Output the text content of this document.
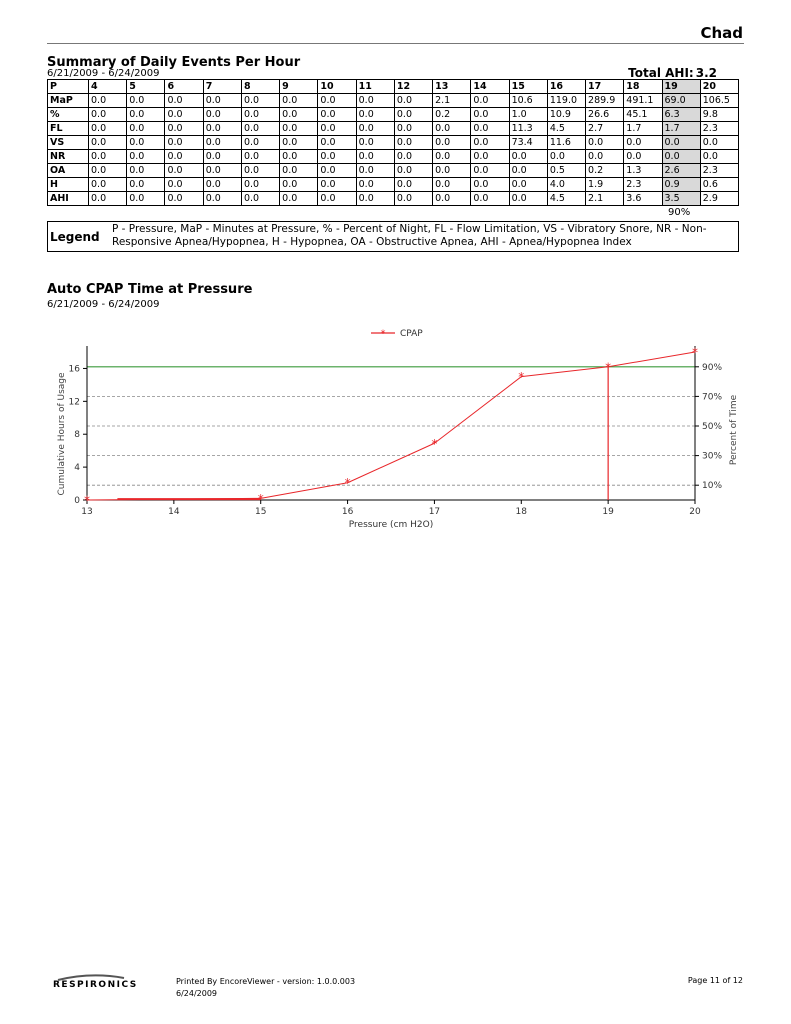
Chad
Summary of Daily Events Per Hour
6/21/2009 - 6/24/2009	Total AHI: 3.2
P	4	5	6	7	8	9	10	11	12	13	14	15	16	17	18	19	20
MaP	0.0	0.0	0.0	0.0	0.0	0.0	0.0	0.0	0.0	2.1	0.0	10.6	119.0	289.9	491.1	69.0	106.5
%	0.0	0.0	0.0	0.0	0.0	0.0	0.0	0.0	0.0	0.2	0.0	1.0	10.9	26.6	45.1	6.3	9.8
FL	0.0	0.0	0.0	0.0	0.0	0.0	0.0	0.0	0.0	0.0	0.0	11.3	4.5	2.7	1.7	1.7	2.3
VS	0.0	0.0	0.0	0.0	0.0	0.0	0.0	0.0	0.0	0.0	0.0	73.4	11.6	0.0	0.0	0.0	0.0
NR	0.0	0.0	0.0	0.0	0.0	0.0	0.0	0.0	0.0	0.0	0.0	0.0	0.0	0.0	0.0	0.0	0.0
OA	0.0	0.0	0.0	0.0	0.0	0.0	0.0	0.0	0.0	0.0	0.0	0.0	0.5	0.2	1.3	2.6	2.3
H	0.0	0.0	0.0	0.0	0.0	0.0	0.0	0.0	0.0	0.0	0.0	0.0	4.0	1.9	2.3	0.9	0.6
AHI	0.0	0.0	0.0	0.0	0.0	0.0	0.0	0.0	0.0	0.0	0.0	0.0	4.5	2.1	3.6	3.5	2.9
90%
Legend
P - Pressure, MaP - Minutes at Pressure, % - Percent of Night, FL - Flow Limitation, VS - Vibratory Snore, NR - Non-Responsive Apnea/Hypopnea, H - Hypopnea, OA - Obstructive Apnea, AHI - Apnea/Hypopnea Index
Auto CPAP Time at Pressure
6/21/2009 - 6/24/2009
13	14	15	16	17	18	19	20
0
4
8
12
16
10%
30%
50%
70%
90%
Pressure (cm H2O)
Cumulative Hours of Usage	Percent of Time
* CPAP
*	*
*
*
*
*
*
RESPIRONICS	Printed By EncoreViewer - version: 1.0.0.003
6/24/2009
Page 11 of 12
